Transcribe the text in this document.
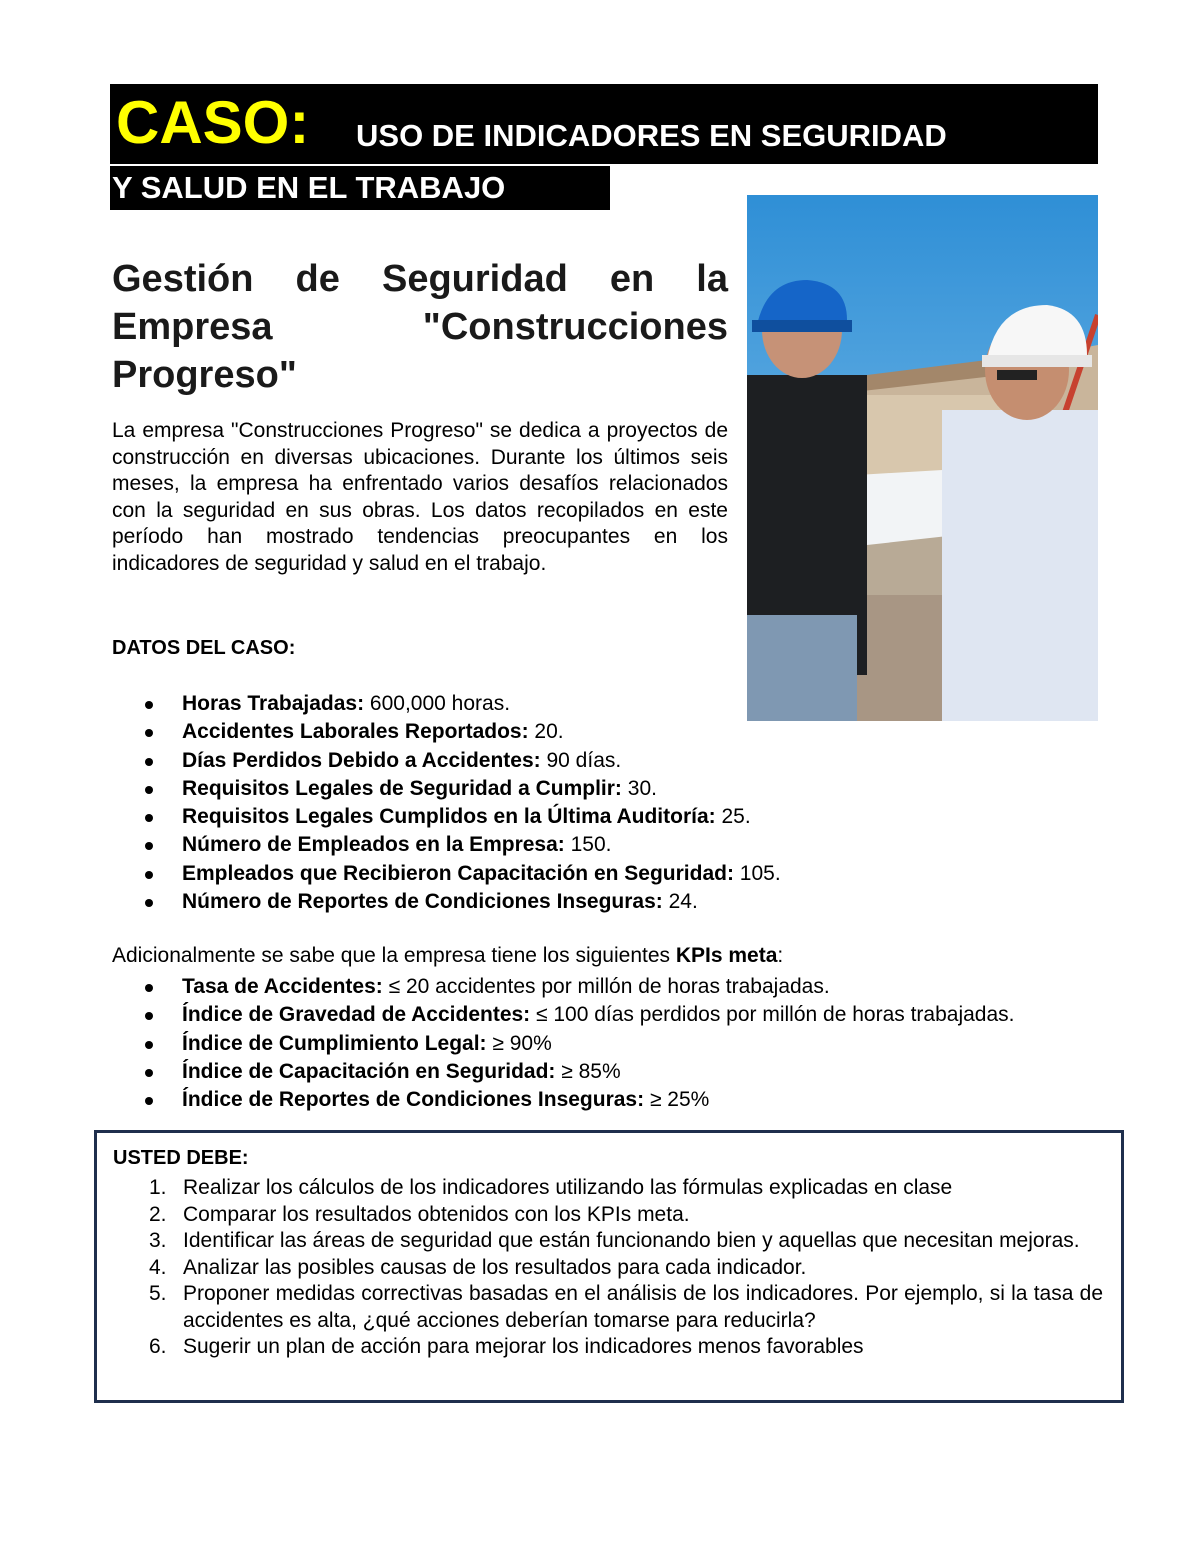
CASO: USO DE INDICADORES EN SEGURIDAD
Y SALUD EN EL TRABAJO
Gestión de Seguridad en la Empresa "Construcciones Progreso"
La empresa "Construcciones Progreso" se dedica a proyectos de construcción en diversas ubicaciones. Durante los últimos seis meses, la empresa ha enfrentado varios desafíos relacionados con la seguridad en sus obras. Los datos recopilados en este período han mostrado tendencias preocupantes en los indicadores de seguridad y salud en el trabajo.
DATOS DEL CASO:
Horas Trabajadas: 600,000 horas.
Accidentes Laborales Reportados: 20.
Días Perdidos Debido a Accidentes: 90 días.
Requisitos Legales de Seguridad a Cumplir: 30.
Requisitos Legales Cumplidos en la Última Auditoría: 25.
Número de Empleados en la Empresa: 150.
Empleados que Recibieron Capacitación en Seguridad: 105.
Número de Reportes de Condiciones Inseguras: 24.
Adicionalmente se sabe que la empresa tiene los siguientes KPIs meta:
Tasa de Accidentes: ≤ 20 accidentes por millón de horas trabajadas.
Índice de Gravedad de Accidentes: ≤ 100 días perdidos por millón de horas trabajadas.
Índice de Cumplimiento Legal: ≥ 90%
Índice de Capacitación en Seguridad: ≥ 85%
Índice de Reportes de Condiciones Inseguras: ≥ 25%
USTED DEBE:
1. Realizar los cálculos de los indicadores utilizando las fórmulas explicadas en clase
2. Comparar los resultados obtenidos con los KPIs meta.
3. Identificar las áreas de seguridad que están funcionando bien y aquellas que necesitan mejoras.
4. Analizar las posibles causas de los resultados para cada indicador.
5. Proponer medidas correctivas basadas en el análisis de los indicadores. Por ejemplo, si la tasa de accidentes es alta, ¿qué acciones deberían tomarse para reducirla?
6. Sugerir un plan de acción para mejorar los indicadores menos favorables
